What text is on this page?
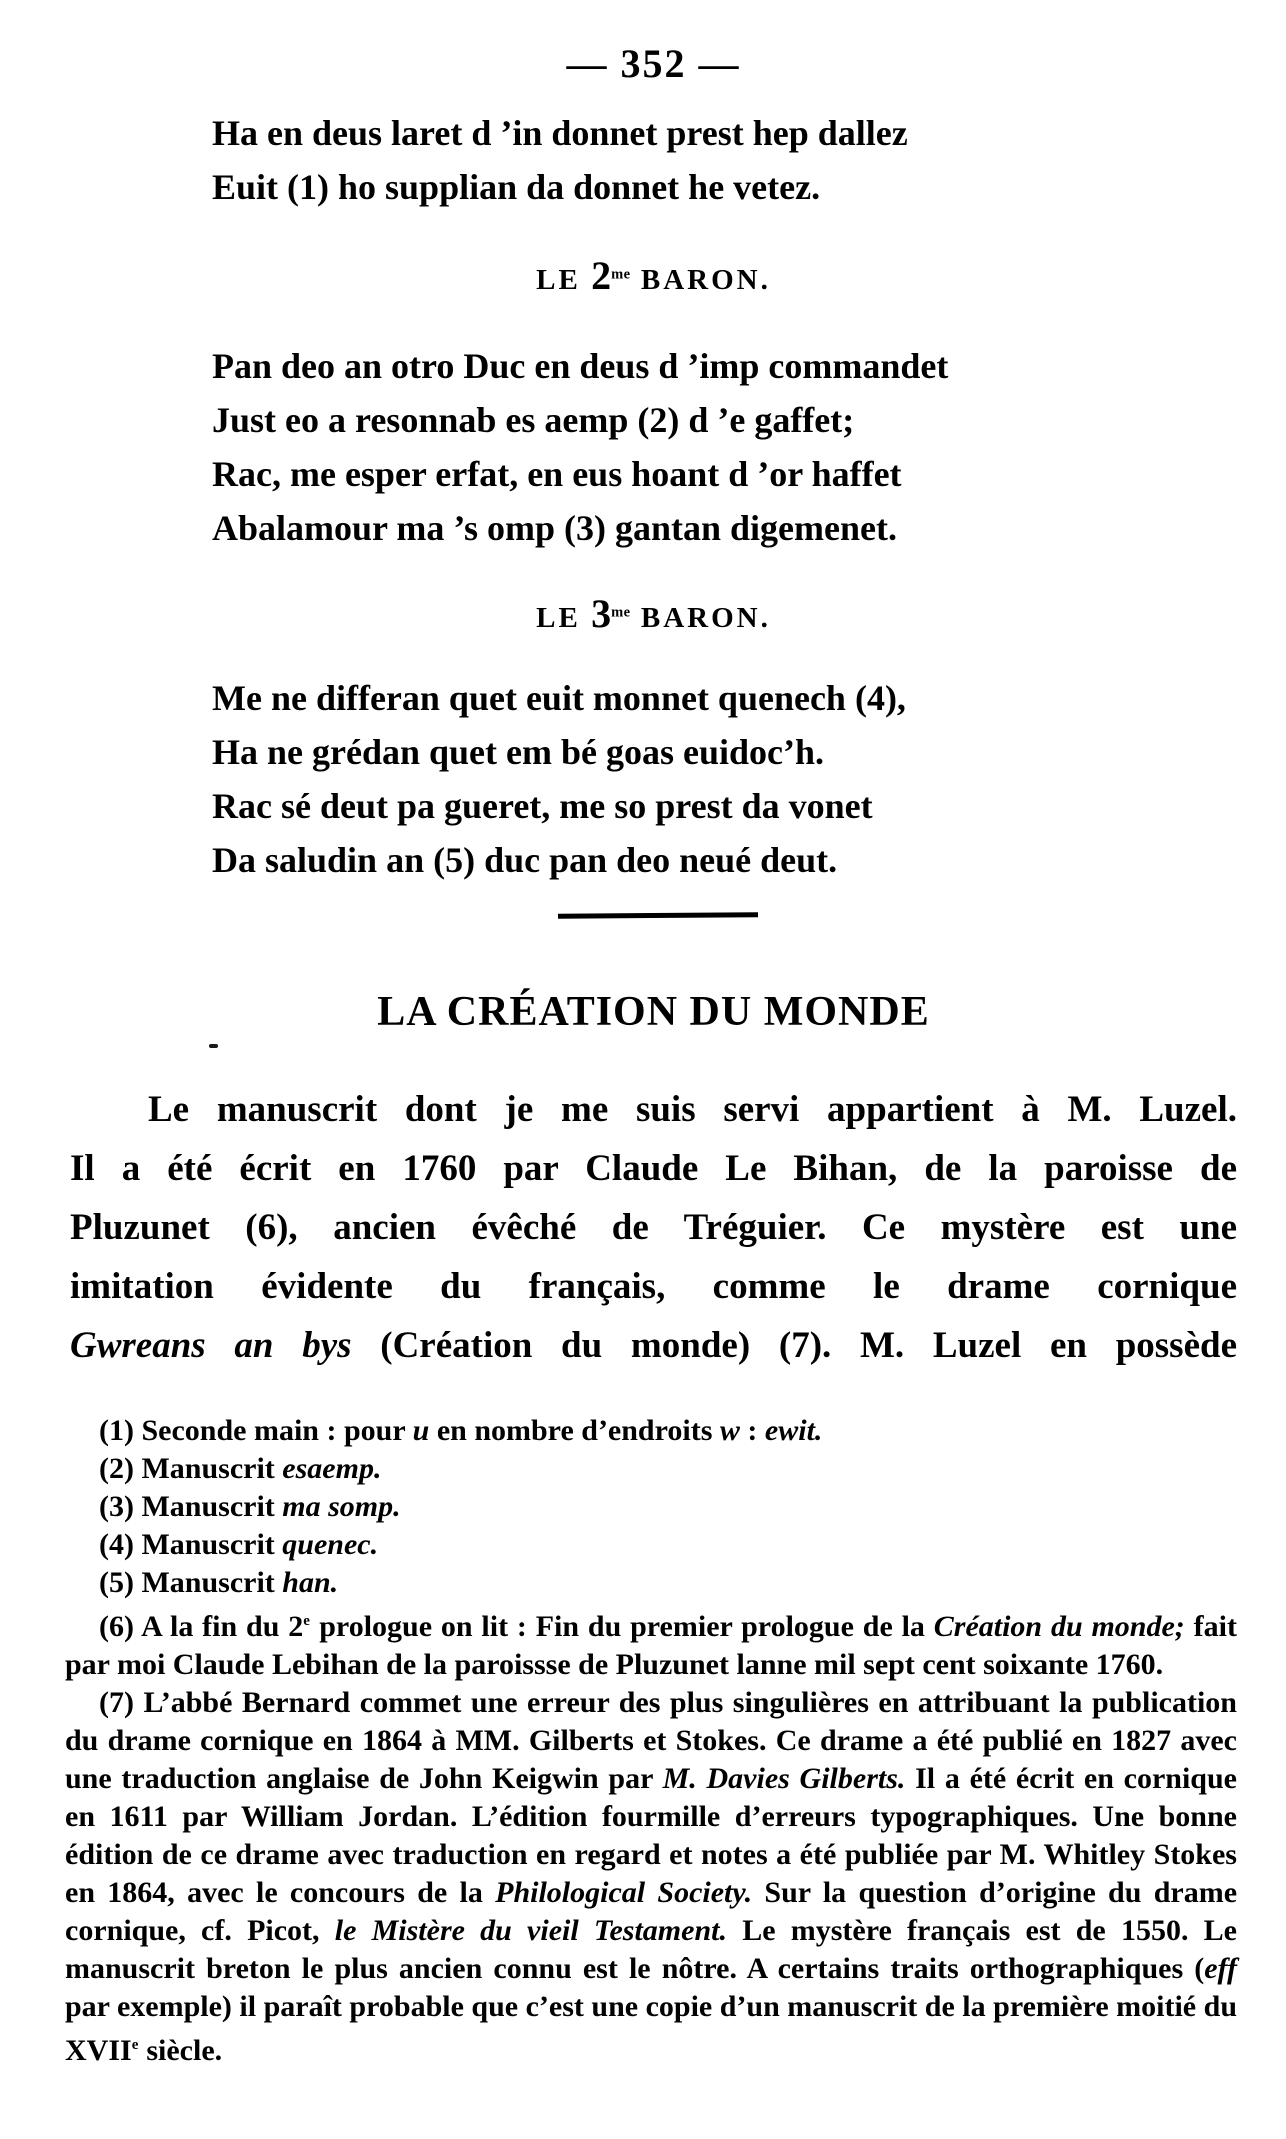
— 352 —
Ha en deus laret d ’in donnet prest hep dallez
Euit (1) ho supplian da donnet he vetez.
LE $2^{me}$ BARON.
Pan deo an otro Duc en deus d ’imp commandet
Just eo a resonnab es aemp (2) d ’e gaffet;
Rac, me esper erfat, en eus hoant d ’or haffet
Abalamour ma ’s omp (3) gantan digemenet.
LE $3^{me}$ BARON.
Me ne differan quet euit monnet quenech (4),
Ha ne grédan quet em bé goas euidoc’h.
Rac sé deut pa gueret, me so prest da vonet
Da saludin an (5) duc pan deo neué deut.
LA CRÉATION DU MONDE
Le manuscrit dont je me suis servi appartient à M. Luzel.
Il a été écrit en 1760 par Claude Le Bihan, de la paroisse de
Pluzunet (6), ancien évêché de Tréguier. Ce mystère est une
imitation évidente du français, comme le drame cornique
Gwreans an bys (Création du monde) (7). M. Luzel en possède

(1) Seconde main : pour u en nombre d’endroits w : ewit.

(2) Manuscrit esaemp.

(3) Manuscrit ma somp.

(4) Manuscrit quenec.

(5) Manuscrit han.

(6) A la fin du 2e prologue on lit : Fin du premier prologue de la Création du monde; fait par moi Claude Lebihan de la paroissse de Pluzunet lanne mil sept cent soixante 1760.

(7) L’abbé Bernard commet une erreur des plus singulières en attribuant la publication du drame cornique en 1864 à MM. Gilberts et Stokes. Ce drame a été publié en 1827 avec une traduction anglaise de John Keigwin par M. Davies Gilberts. Il a été écrit en cornique en 1611 par William Jordan. L’édition fourmille d’erreurs typographiques. Une bonne édition de ce drame avec traduction en regard et notes a été publiée par M. Whitley Stokes en 1864, avec le concours de la Philological Society. Sur la question d’origine du drame cornique, cf. Picot, le Mistère du vieil Testament. Le mystère français est de 1550. Le manuscrit breton le plus ancien connu est le nôtre. A certains traits orthographiques (eff par exemple) il paraît probable que c’est une copie d’un manuscrit de la première moitié du XVIIe siècle.
